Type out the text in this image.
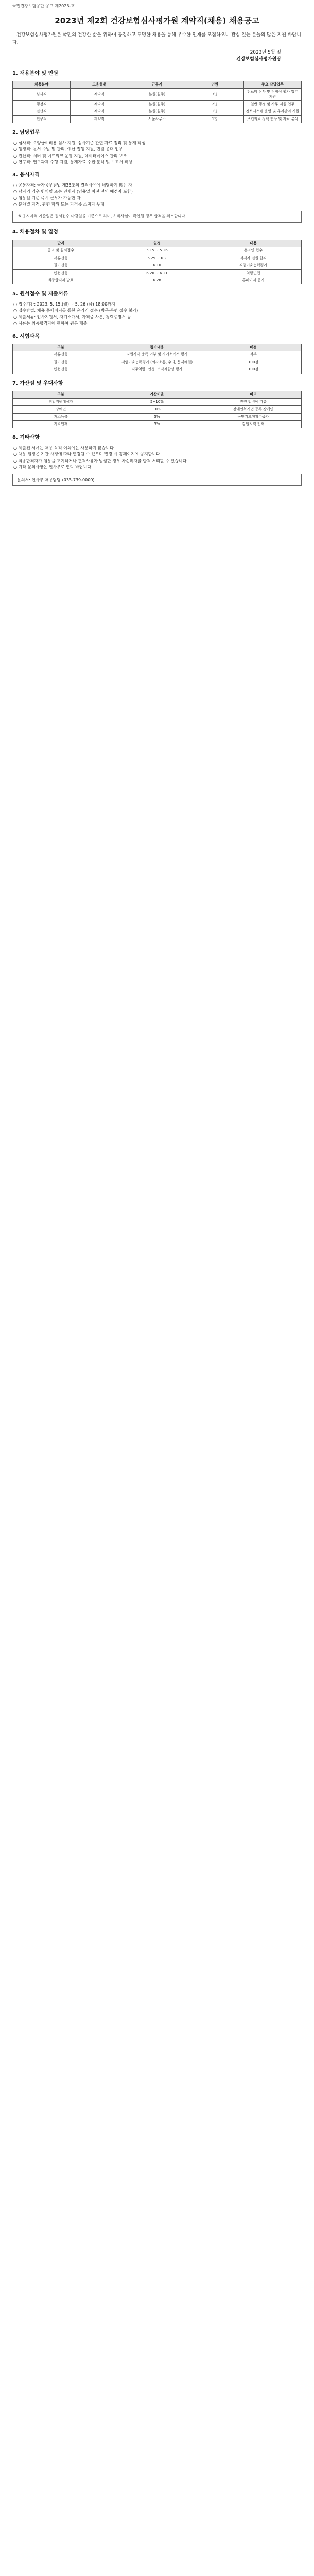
국민건강보험공단 공고 제2023-호
2023년 제2회 건강보험심사평가원 계약직(채용) 채용공고
건강보험심사평가원은 국민의 건강한 삶을 위하여 공정하고 투명한 채용을 통해 우수한 인재를 모집하오니 관심 있는 분들의 많은 지원 바랍니다.
2023년 5월 일
건강보험심사평가원장
1. 채용분야 및 인원
채용분야	고용형태	근무지	인원	주요 담당업무
심사직	계약직	본원(원주)	3명	진료비 심사 및 적정성 평가 업무 지원
행정직	계약직	본원(원주)	2명	일반 행정 및 사무 지원 업무
전산직	계약직	본원(원주)	1명	정보시스템 운영 및 유지관리 지원
연구직	계약직	서울사무소	1명	보건의료 정책 연구 및 자료 분석
2. 담당업무
○ 심사직: 요양급여비용 심사 지원, 심사기준 관련 자료 정리 및 통계 작성
○ 행정직: 문서 수발 및 관리, 예산 집행 지원, 민원 응대 업무
○ 전산직: 서버 및 네트워크 운영 지원, 데이터베이스 관리 보조
○ 연구직: 연구과제 수행 지원, 통계자료 수집·분석 및 보고서 작성
3. 응시자격
○ 공통자격: 국가공무원법 제33조의 결격사유에 해당하지 않는 자
○ 남자의 경우 병역필 또는 면제자 (임용일 이전 전역 예정자 포함)
○ 임용일 기준 즉시 근무가 가능한 자
○ 분야별 자격: 관련 학위 또는 자격증 소지자 우대
※ 응시자격 기준일은 원서접수 마감일을 기준으로 하며, 허위사실이 확인될 경우 합격을 취소합니다.
4. 채용절차 및 일정
단계	일정	내용
공고 및 원서접수	5.15 ~ 5.26	온라인 접수
서류전형	5.29 ~ 6.2	적격자 전원 합격
필기전형	6.10	직업기초능력평가
면접전형	6.20 ~ 6.21	역량면접
최종합격자 발표	6.28	홈페이지 공지
5. 원서접수 및 제출서류
○ 접수기간: 2023. 5. 15.(월) ~ 5. 26.(금) 18:00까지
○ 접수방법: 채용 홈페이지를 통한 온라인 접수 (방문·우편 접수 불가)
○ 제출서류: 입사지원서, 자기소개서, 자격증 사본, 경력증명서 등
○ 서류는 최종합격자에 한하여 원본 제출
6. 시험과목
구분	평가내용	배점
서류전형	지원자격 충족 여부 및 자기소개서 평가	적부
필기전형	직업기초능력평가 (의사소통, 수리, 문제해결)	100점
면접전형	직무역량, 인성, 조직적합성 평가	100점
7. 가산점 및 우대사항
구분	가산비율	비고
취업지원대상자	5~10%	관련 법령에 따름
장애인	10%	장애인복지법 등록 장애인
저소득층	5%	국민기초생활수급자
지역인재	5%	강원지역 인재
8. 기타사항
○ 제출된 서류는 채용 목적 이외에는 사용하지 않습니다.
○ 채용 일정은 기관 사정에 따라 변경될 수 있으며 변경 시 홈페이지에 공지합니다.
○ 최종합격자가 임용을 포기하거나 결격사유가 발생한 경우 차순위자를 합격 처리할 수 있습니다.
○ 기타 문의사항은 인사부로 연락 바랍니다.
문의처: 인사부 채용담당 (033-739-0000)
